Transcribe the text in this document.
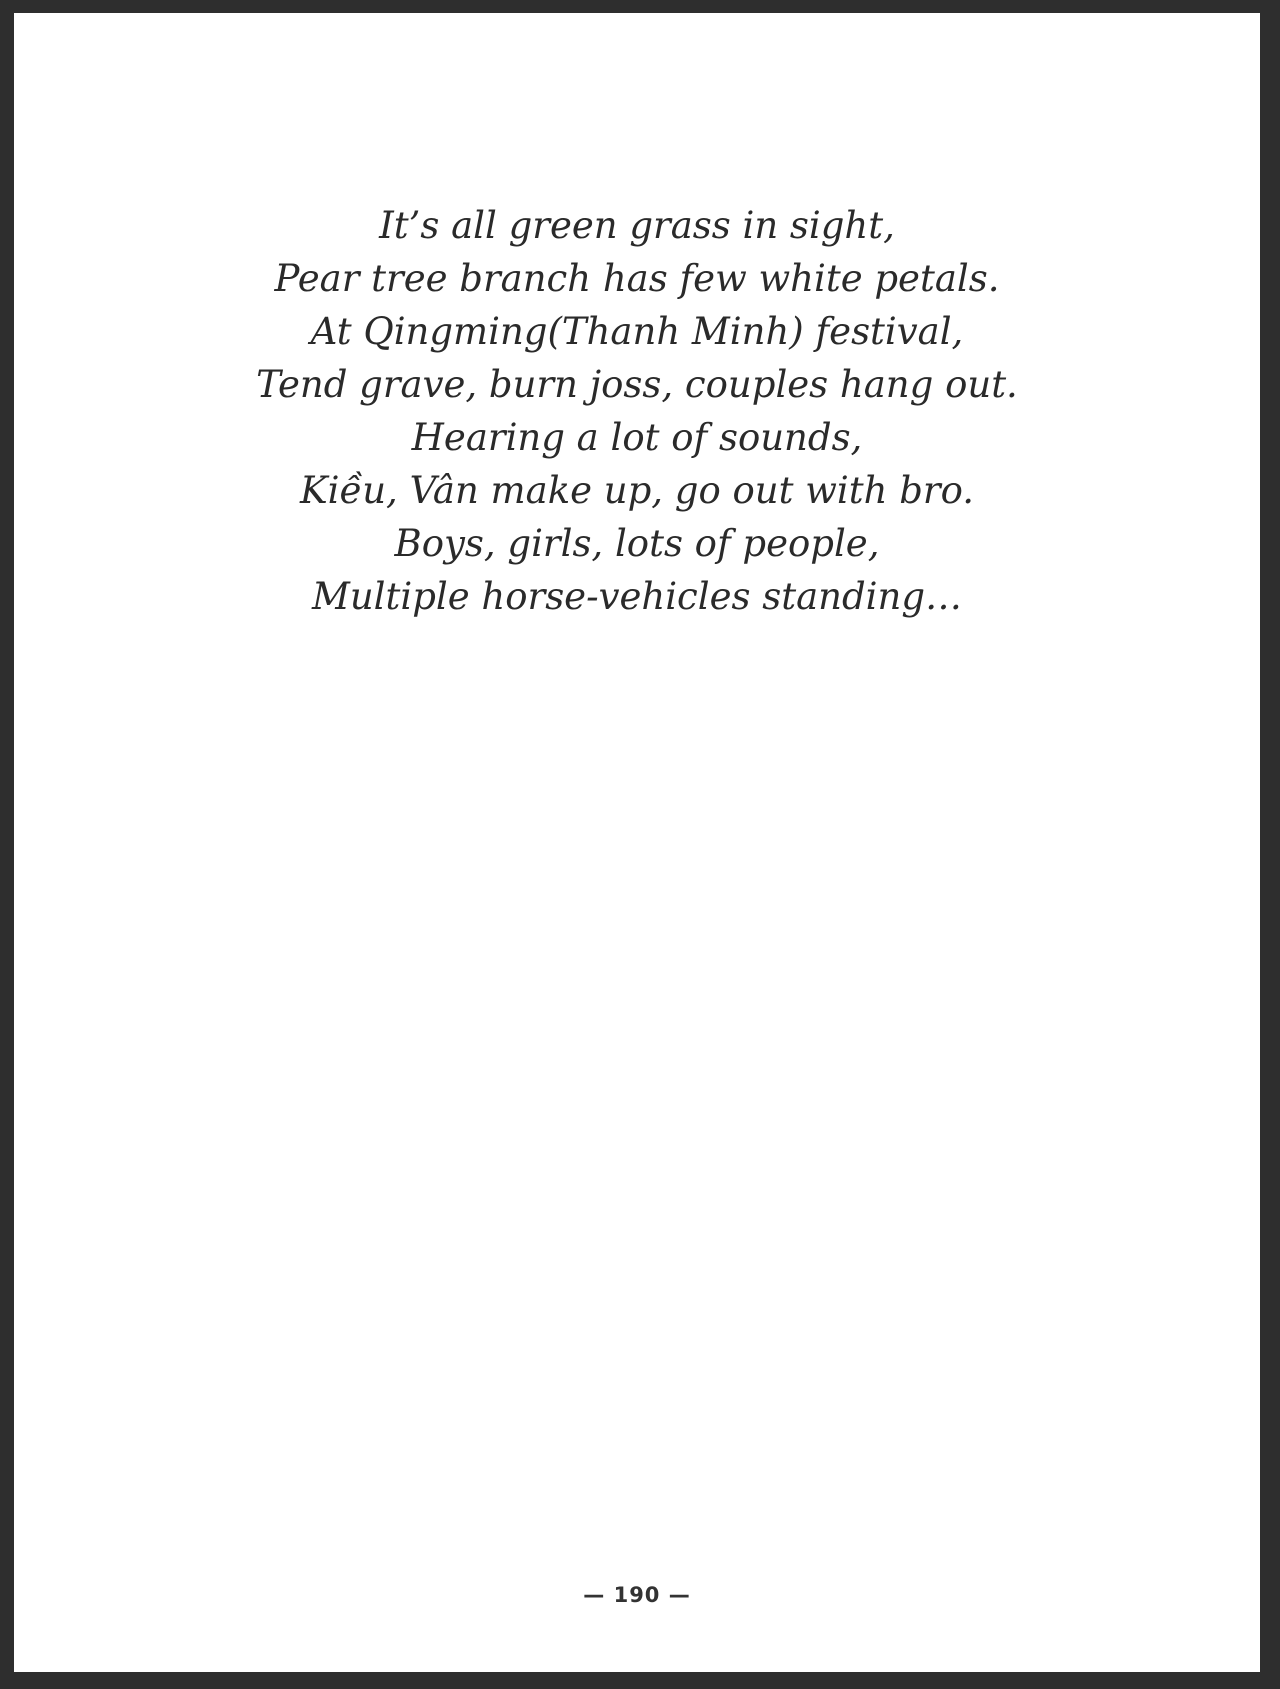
It’s all green grass in sight,
Pear tree branch has few white petals.
At Qingming(Thanh Minh) festival,
Tend grave, burn joss, couples hang out.
Hearing a lot of sounds,
Kiều, Vân make up, go out with bro.
Boys, girls, lots of people,
Multiple horse-vehicles standing…
— 190 —
